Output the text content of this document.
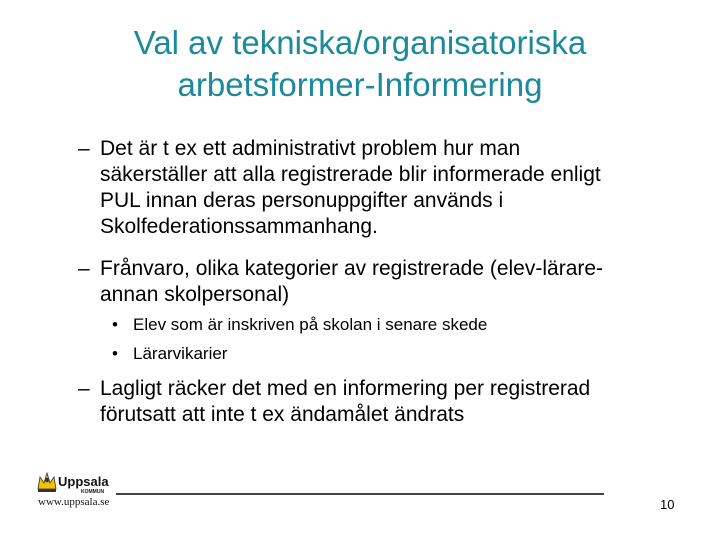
Val av tekniska/organisatoriska
arbetsformer-Informering
– Det är t ex ett administrativt problem hur man
säkerställer att alla registrerade blir informerade enligt
PUL innan deras personuppgifter används i
Skolfederationssammanhang.
– Frånvaro, olika kategorier av registrerade (elev-lärare-
annan skolpersonal)
• Elev som är inskriven på skolan i senare skede
• Lärarvikarier
– Lagligt räcker det med en informering per registrerad
förutsatt att inte t ex ändamålet ändrats
Uppsala
KOMMUN
www.uppsala.se	10
